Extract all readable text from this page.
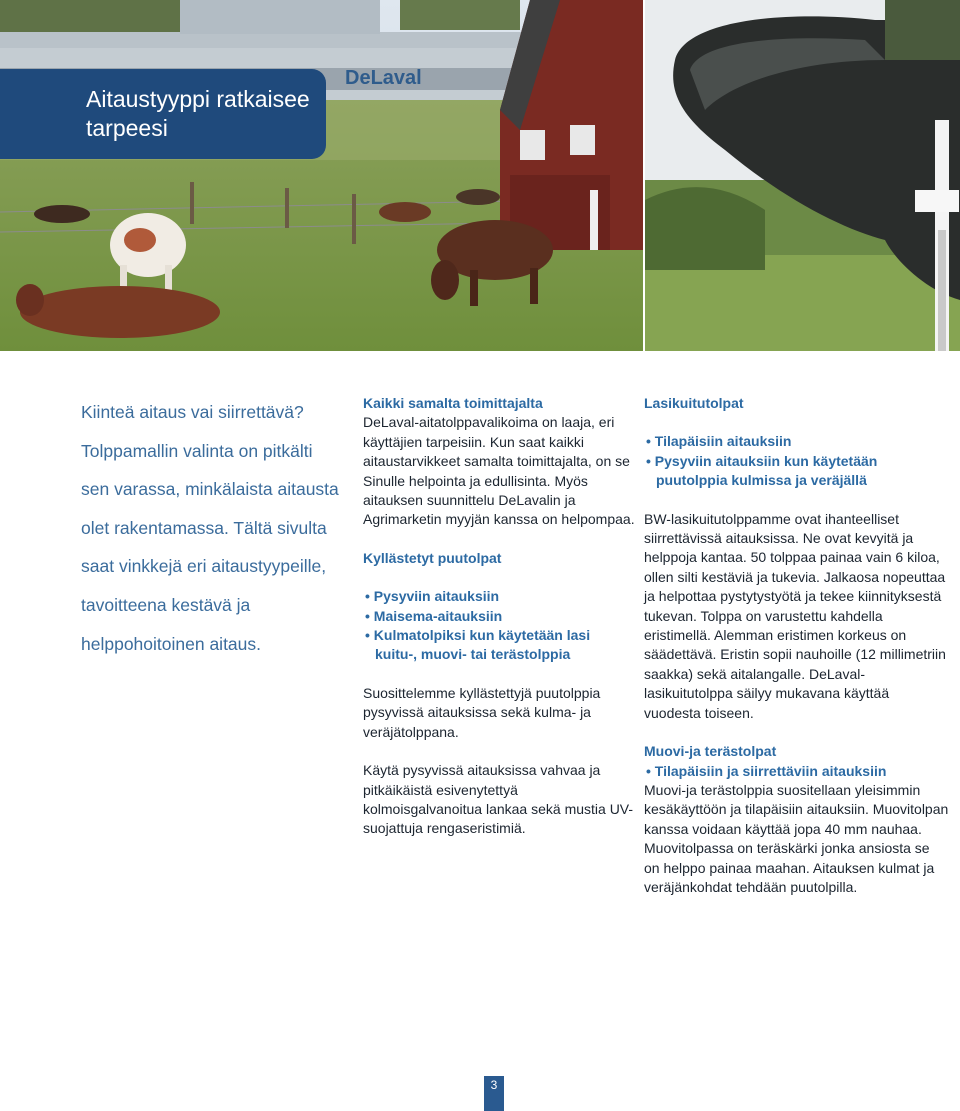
DeLaval
Aitaustyyppi ratkaisee tarpeesi

Kiinteä aitaus vai siirrettävä? Tolppamallin valinta on pitkälti sen varassa, minkälaista aitausta olet rakentamassa. Tältä sivulta saat vinkkejä eri aitaustyypeille, tavoitteena kestävä ja helppohoitoinen aitaus.

Kaikki samalta toimittajalta

DeLaval-aitatolppavalikoima on laaja, eri käyttäjien tarpeisiin. Kun saat kaikki aitaustarvikkeet samalta toimittajalta, on se Sinulle helpointa ja edullisinta. Myös aitauksen suunnittelu DeLavalin ja Agrimarketin myyjän kanssa on helpompaa.

Kyllästetyt puutolpat
• Pysyviin aitauksiin
• Maisema-aitauksiin
• Kulmatolpiksi kun käytetään lasi kuitu-, muovi- tai terästolppia

Suosittelemme kyllästettyjä puutolppia pysyvissä aitauksissa sekä kulma- ja veräjätolppana.

Käytä pysyvissä aitauksissa vahvaa ja pitkäikäistä esivenytettyä kolmoisgalvanoitua lankaa sekä mustia UV-suojattuja rengaseristimiä.

Lasikuitutolpat
• Tilapäisiin aitauksiin
• Pysyviin aitauksiin kun käytetään puutolppia kulmissa ja veräjällä

BW-lasikuitutolppamme ovat ihanteelliset siirrettävissä aitauksissa. Ne ovat kevyitä ja helppoja kantaa. 50 tolppaa painaa vain 6 kiloa, ollen silti kestäviä ja tukevia. Jalkaosa nopeuttaa ja helpottaa pystytystyötä ja tekee kiinnityksestä tukevan. Tolppa on varustettu kahdella eristimellä. Alemman eristimen korkeus on säädettävä. Eristin sopii nauhoille (12 millimetriin saakka) sekä aitalangalle. DeLaval-lasikuitutolppa säilyy mukavana käyttää vuodesta toiseen.

Muovi-ja terästolpat
• Tilapäisiin ja siirrettäviin aitauksiin

Muovi-ja terästolppia suositellaan yleisimmin kesäkäyttöön ja tilapäisiin aitauksiin. Muovitolpan kanssa voidaan käyttää jopa 40 mm nauhaa. Muovitolpassa on teräskärki jonka ansiosta se on helppo painaa maahan. Aitauksen kulmat ja veräjänkohdat tehdään puutolpilla.

3
